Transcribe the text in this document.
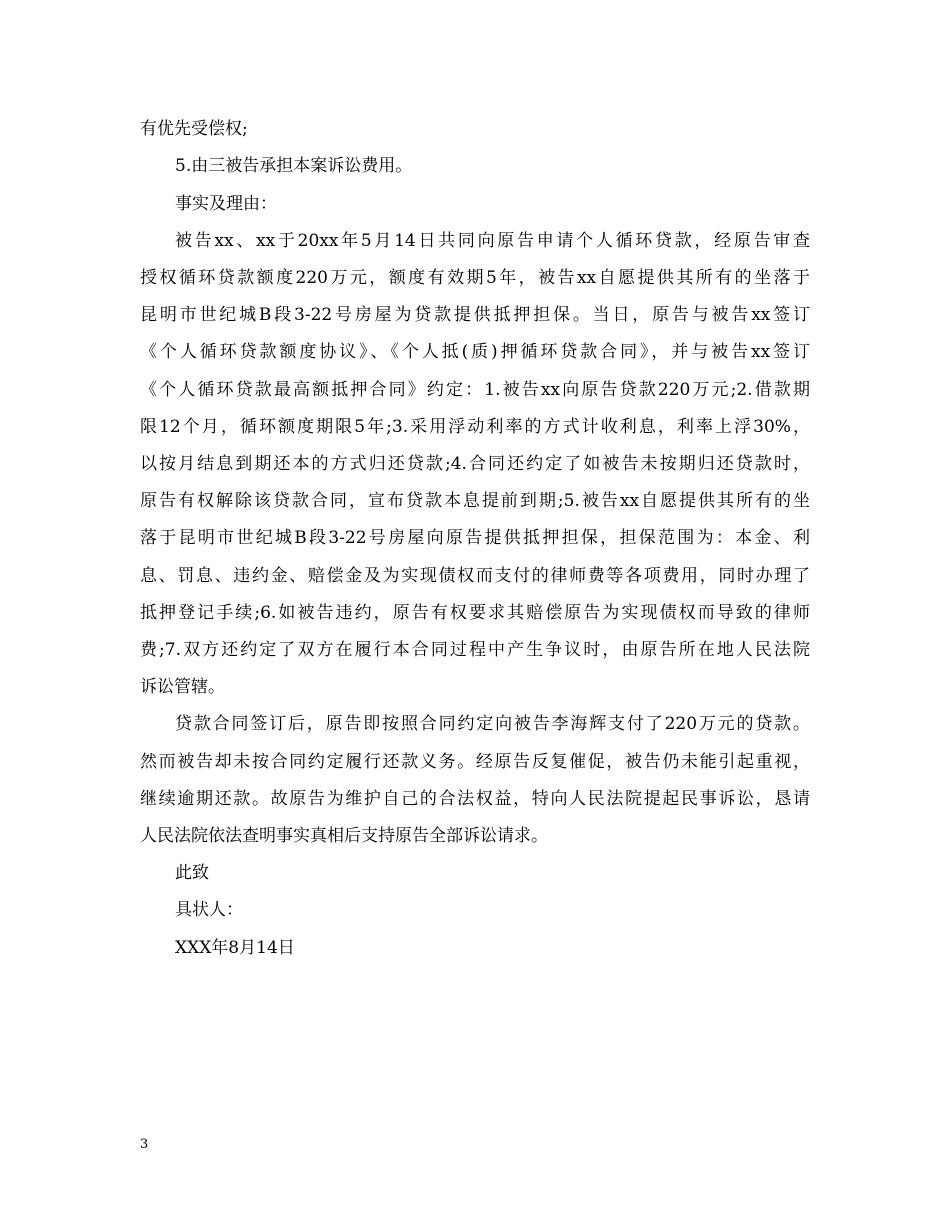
有优先受偿权;
5.由三被告承担本案诉讼费用。
事实及理由：
被告xx、xx于20xx年5月14日共同向原告申请个人循环贷款，经原告审查
授权循环贷款额度220万元，额度有效期5年，被告xx自愿提供其所有的坐落于
昆明市世纪城B段3-22号房屋为贷款提供抵押担保。当日，原告与被告xx签订
《个人循环贷款额度协议》、《个人抵(质)押循环贷款合同》，并与被告xx签订
《个人循环贷款最高额抵押合同》约定：1.被告xx向原告贷款220万元;2.借款期
限12个月，循环额度期限5年;3.采用浮动利率的方式计收利息，利率上浮30%，
以按月结息到期还本的方式归还贷款;4.合同还约定了如被告未按期归还贷款时，
原告有权解除该贷款合同，宣布贷款本息提前到期;5.被告xx自愿提供其所有的坐
落于昆明市世纪城B段3-22号房屋向原告提供抵押担保，担保范围为：本金、利
息、罚息、违约金、赔偿金及为实现债权而支付的律师费等各项费用，同时办理了
抵押登记手续;6.如被告违约，原告有权要求其赔偿原告为实现债权而导致的律师
费;7.双方还约定了双方在履行本合同过程中产生争议时，由原告所在地人民法院
诉讼管辖。
贷款合同签订后，原告即按照合同约定向被告李海辉支付了220万元的贷款。
然而被告却未按合同约定履行还款义务。经原告反复催促，被告仍未能引起重视，
继续逾期还款。故原告为维护自己的合法权益，特向人民法院提起民事诉讼，恳请
人民法院依法查明事实真相后支持原告全部诉讼请求。
此致
具状人：
XXX年8月14日
3
